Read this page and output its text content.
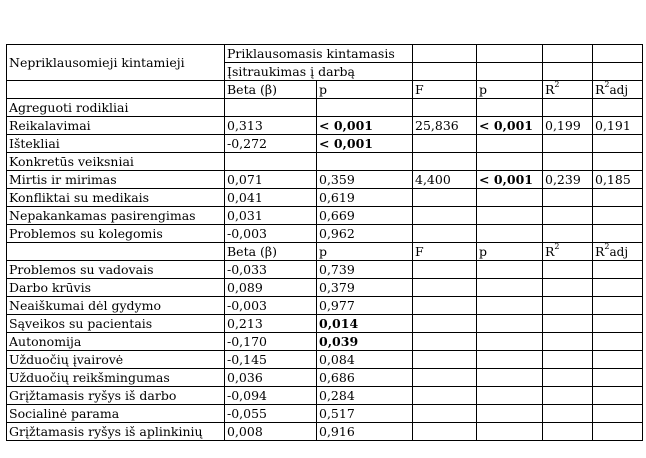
Nepriklausomieji kintamieji	Priklausomasis kintamasis					
	Įsitraukimas į darbą					
	Beta (β)	p	F	p	$R^2$	$R^2adj$
Agreguoti rodikliai						
Reikalavimai	0,313	< 0,001	25,836	< 0,001	0,199	0,191
Ištekliai	-0,272	< 0,001				
Konkretūs veiksniai						
Mirtis ir mirimas	0,071	0,359	4,400	< 0,001	0,239	0,185
Konfliktai su medikais	0,041	0,619				
Nepakankamas pasirengimas	0,031	0,669				
Problemos su kolegomis	-0,003	0,962				
	Beta (β)	p	F	p	$R^2$	$R^2adj$
Problemos su vadovais	-0,033	0,739				
Darbo krūvis	0,089	0,379				
Neaiškumai dėl gydymo	-0,003	0,977				
Sąveikos su pacientais	0,213	0,014				
Autonomija	-0,170	0,039				
Užduočių įvairovė	-0,145	0,084				
Užduočių reikšmingumas	0,036	0,686				
Grįžtamasis ryšys iš darbo	-0,094	0,284				
Socialinė parama	-0,055	0,517				
Grįžtamasis ryšys iš aplinkinių	0,008	0,916				
